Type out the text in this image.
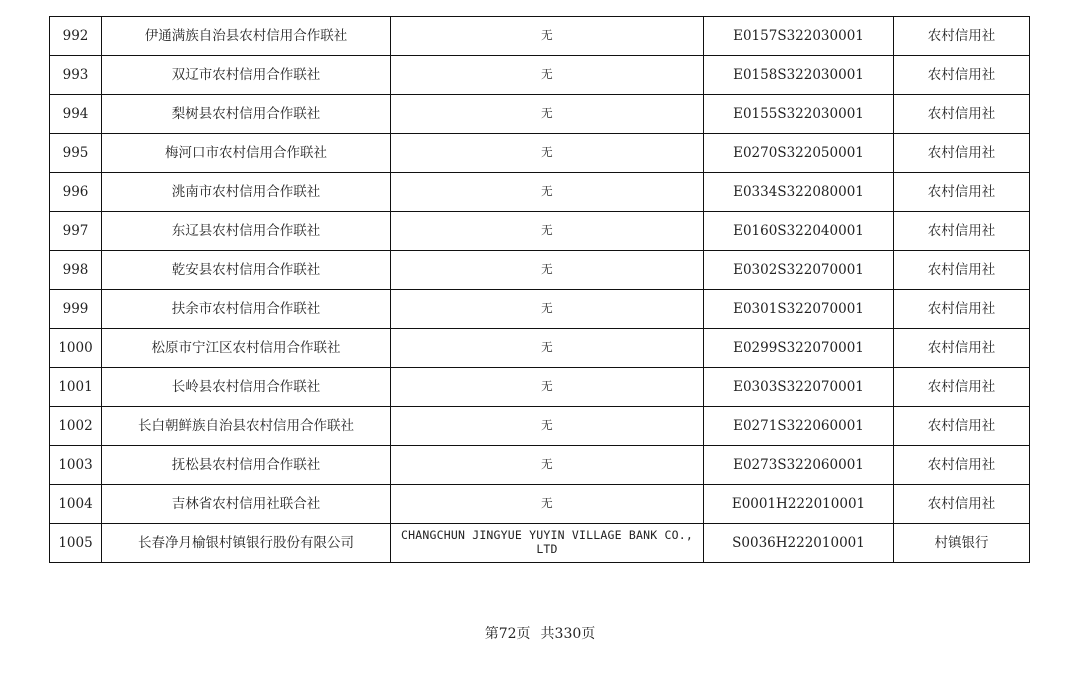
992	伊通满族自治县农村信用合作联社	无	E0157S322030001	农村信用社
993	双辽市农村信用合作联社	无	E0158S322030001	农村信用社
994	梨树县农村信用合作联社	无	E0155S322030001	农村信用社
995	梅河口市农村信用合作联社	无	E0270S322050001	农村信用社
996	洮南市农村信用合作联社	无	E0334S322080001	农村信用社
997	东辽县农村信用合作联社	无	E0160S322040001	农村信用社
998	乾安县农村信用合作联社	无	E0302S322070001	农村信用社
999	扶余市农村信用合作联社	无	E0301S322070001	农村信用社
1000	松原市宁江区农村信用合作联社	无	E0299S322070001	农村信用社
1001	长岭县农村信用合作联社	无	E0303S322070001	农村信用社
1002	长白朝鲜族自治县农村信用合作联社	无	E0271S322060001	农村信用社
1003	抚松县农村信用合作联社	无	E0273S322060001	农村信用社
1004	吉林省农村信用社联合社	无	E0001H222010001	农村信用社
1005	长春净月榆银村镇银行股份有限公司	CHANGCHUN JINGYUE YUYIN VILLAGE BANK CO., LTD	S0036H222010001	村镇银行
第72页 共330页
